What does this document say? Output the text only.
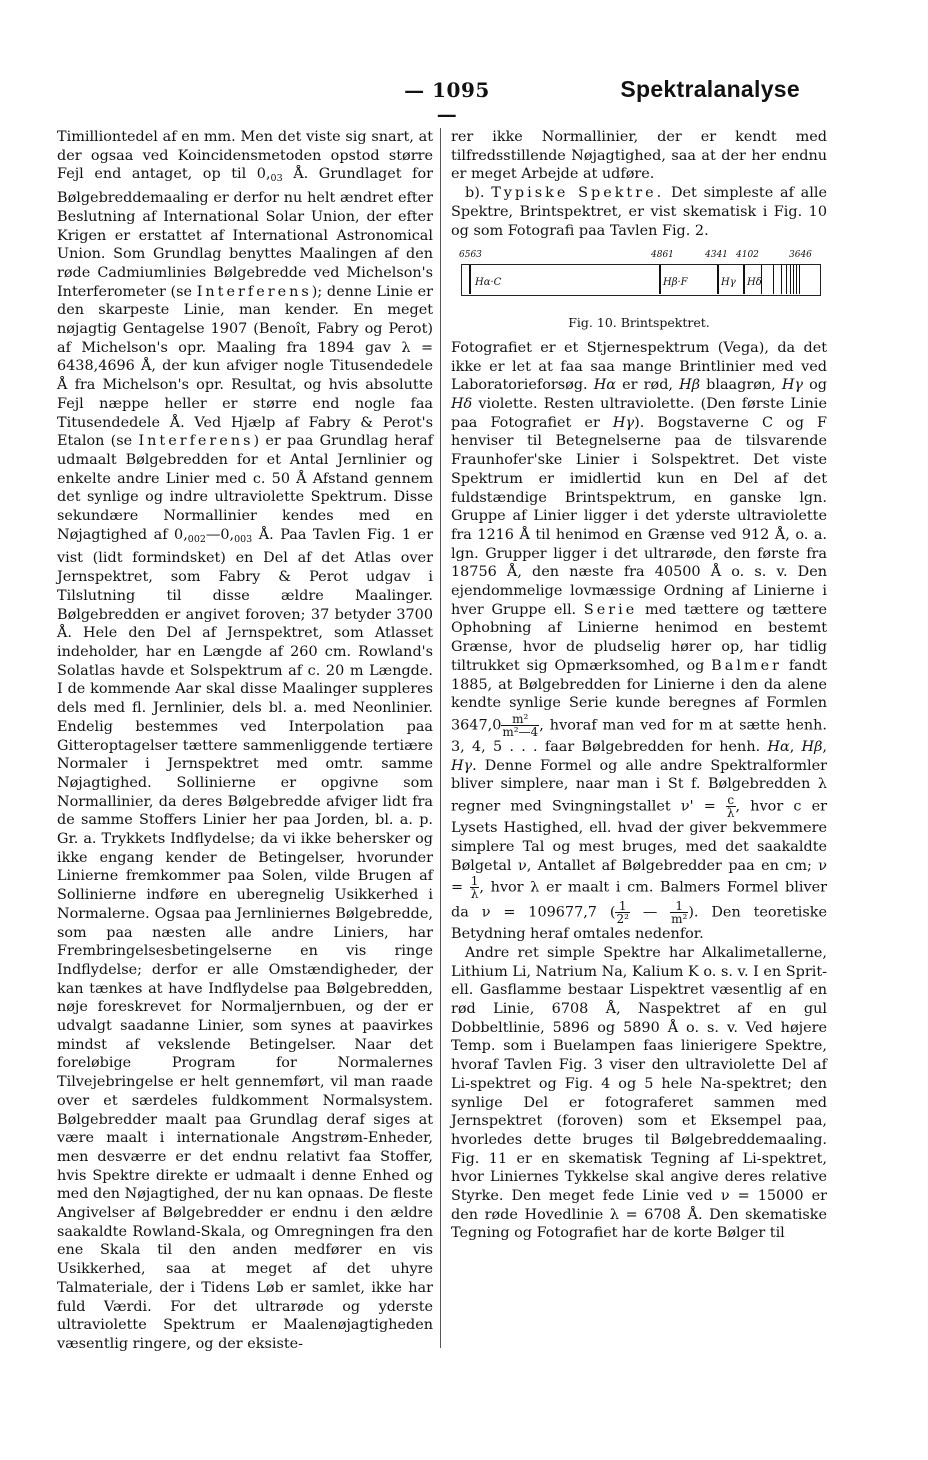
— 1095 —
Spektralanalyse

Timilliontedel af en mm. Men det viste sig snart, at der ogsaa ved Koincidensmetoden opstod større Fejl end antaget, op til $0,_{03}$ Å. Grundlaget for Bølgebreddemaaling er derfor nu helt ændret efter Beslutning af International Solar Union, der efter Krigen er erstattet af International Astronomical Union. Som Grundlag benyttes Maalingen af den røde Cadmiumlinies Bølgebredde ved Michelson's Interferometer (se Interferens); denne Linie er den skarpeste Linie, man kender. En meget nøjagtig Gentagelse 1907 (Benoît, Fabry og Perot) af Michelson's opr. Maaling fra 1894 gav λ = 6438,4696 Å, der kun afviger nogle Titusendedele Å fra Michelson's opr. Resultat, og hvis absolutte Fejl næppe heller er større end nogle faa Titusendedele Å. Ved Hjælp af Fabry & Perot's Etalon (se Interferens) er paa Grundlag heraf udmaalt Bølgebredden for et Antal Jernlinier og enkelte andre Linier med c. 50 Å Afstand gennem det synlige og indre ultraviolette Spektrum. Disse sekundære Normallinier kendes med en Nøjagtighed af $0,_{002}—0,_{003}$ Å. Paa Tavlen Fig. 1 er vist (lidt formindsket) en Del af det Atlas over Jernspektret, som Fabry & Perot udgav i Tilslutning til disse ældre Maalinger. Bølgebredden er angivet foroven; 37 betyder 3700 Å. Hele den Del af Jernspektret, som Atlasset indeholder, har en Længde af 260 cm. Rowland's Solatlas havde et Solspektrum af c. 20 m Længde. I de kommende Aar skal disse Maalinger suppleres dels med fl. Jernlinier, dels bl. a. med Neonlinier. Endelig bestemmes ved Interpolation paa Gitteroptagelser tættere sammenliggende tertiære Normaler i Jernspektret med omtr. samme Nøjagtighed. Sollinierne er opgivne som Normallinier, da deres Bølgebredde afviger lidt fra de samme Stoffers Linier her paa Jorden, bl. a. p. Gr. a. Trykkets Indflydelse; da vi ikke behersker og ikke engang kender de Betingelser, hvorunder Linierne fremkommer paa Solen, vilde Brugen af Sollinierne indføre en uberegnelig Usikkerhed i Normalerne. Ogsaa paa Jernliniernes Bølgebredde, som paa næsten alle andre Liniers, har Frembringelsesbetingelserne en vis ringe Indflydelse; derfor er alle Omstændigheder, der kan tænkes at have Indflydelse paa Bølgebredden, nøje foreskrevet for Normaljernbuen, og der er udvalgt saadanne Linier, som synes at paavirkes mindst af vekslende Betingelser. Naar det foreløbige Program for Normalernes Tilvejebringelse er helt gennemført, vil man raade over et særdeles fuldkomment Normalsystem. Bølgebredder maalt paa Grundlag deraf siges at være maalt i internationale Angstrøm-Enheder, men desværre er det endnu relativt faa Stoffer, hvis Spektre direkte er udmaalt i denne Enhed og med den Nøjagtighed, der nu kan opnaas. De fleste Angivelser af Bølgebredder er endnu i den ældre saakaldte Rowland-Skala, og Omregningen fra den ene Skala til den anden medfører en vis Usikkerhed, saa at meget af det uhyre Talmateriale, der i Tidens Løb er samlet, ikke har fuld Værdi. For det ultrarøde og yderste ultraviolette Spektrum er Maalenøjagtigheden væsentlig ringere, og der eksiste-

rer ikke Normallinier, der er kendt med tilfredsstillende Nøjagtighed, saa at der her endnu er meget Arbejde at udføre.

b). Typiske Spektre. Det simpleste af alle Spektre, Brintspektret, er vist skematisk i Fig. 10 og som Fotografi paa Tavlen Fig. 2.

6563	4861	4341 4102	3646
Hα·C	Hβ·F	Hγ Hδ
Fig. 10. Brintspektret.

Fotografiet er et Stjernespektrum (Vega), da det ikke er let at faa saa mange Brintlinier med ved Laboratorieforsøg. Hα er rød, Hβ blaagrøn, Hγ og Hδ violette. Resten ultraviolette. (Den første Linie paa Fotografiet er Hγ). Bogstaverne C og F henviser til Betegnelserne paa de tilsvarende Fraunhofer'ske Linier i Solspektret. Det viste Spektrum er imidlertid kun en Del af det fuldstændige Brintspektrum, en ganske lgn. Gruppe af Linier ligger i det yderste ultraviolette fra 1216 Å til henimod en Grænse ved 912 Å, o. a. lgn. Grupper ligger i det ultrarøde, den første fra 18756 Å, den næste fra 40500 Å o. s. v. Den ejendommelige lovmæssige Ordning af Linierne i hver Gruppe ell. Serie med tættere og tættere Ophobning af Linierne henimod en bestemt Grænse, hvor de pludselig hører op, har tidlig tiltrukket sig Opmærksomhed, og Balmer fandt 1885, at Bølgebredden for Linierne i den da alene kendte synlige Serie kunde beregnes af Formlen $3647,0 \frac{\text{m²}}{\text{m²—4}}$ , hvoraf man ved for m at sætte henh. 3, 4, 5 . . . faar Bølgebredden for henh. Hα, Hβ, Hγ. Denne Formel og alle andre Spektralformler bliver simplere, naar man i St f. Bølgebredden λ regner med Svingningstallet $\nu' = \frac{c}{\lambda}$ , hvor c er Lysets Hastighed, ell. hvad der giver bekvemmere simplere Tal og mest bruges, med det saakaldte Bølgetal ν, Antallet af Bølgebredder paa en cm; $\nu = \frac{1}{\lambda}$ , hvor λ er maalt i cm. Balmers Formel bliver da ν = 109677,7 ( $\frac{1}{\text{2²}}$ — $\frac{1}{\text{m²}}$ ). Den teoretiske Betydning heraf omtales nedenfor.

Andre ret simple Spektre har Alkalimetallerne, Lithium Li, Natrium Na, Kalium K o. s. v. I en Sprit- ell. Gasflamme bestaar Lispektret væsentlig af en rød Linie, 6708 Å, Naspektret af en gul Dobbeltlinie, 5896 og 5890 Å o. s. v. Ved højere Temp. som i Buelampen faas linierigere Spektre, hvoraf Tavlen Fig. 3 viser den ultraviolette Del af Li-spektret og Fig. 4 og 5 hele Na-spektret; den synlige Del er fotograferet sammen med Jernspektret (foroven) som et Eksempel paa, hvorledes dette bruges til Bølgebreddemaaling. Fig. 11 er en skematisk Tegning af Li-spektret, hvor Liniernes Tykkelse skal angive deres relative Styrke. Den meget fede Linie ved ν = 15000 er den røde Hovedlinie λ = 6708 Å. Den skematiske Tegning og Fotografiet har de korte Bølger til
